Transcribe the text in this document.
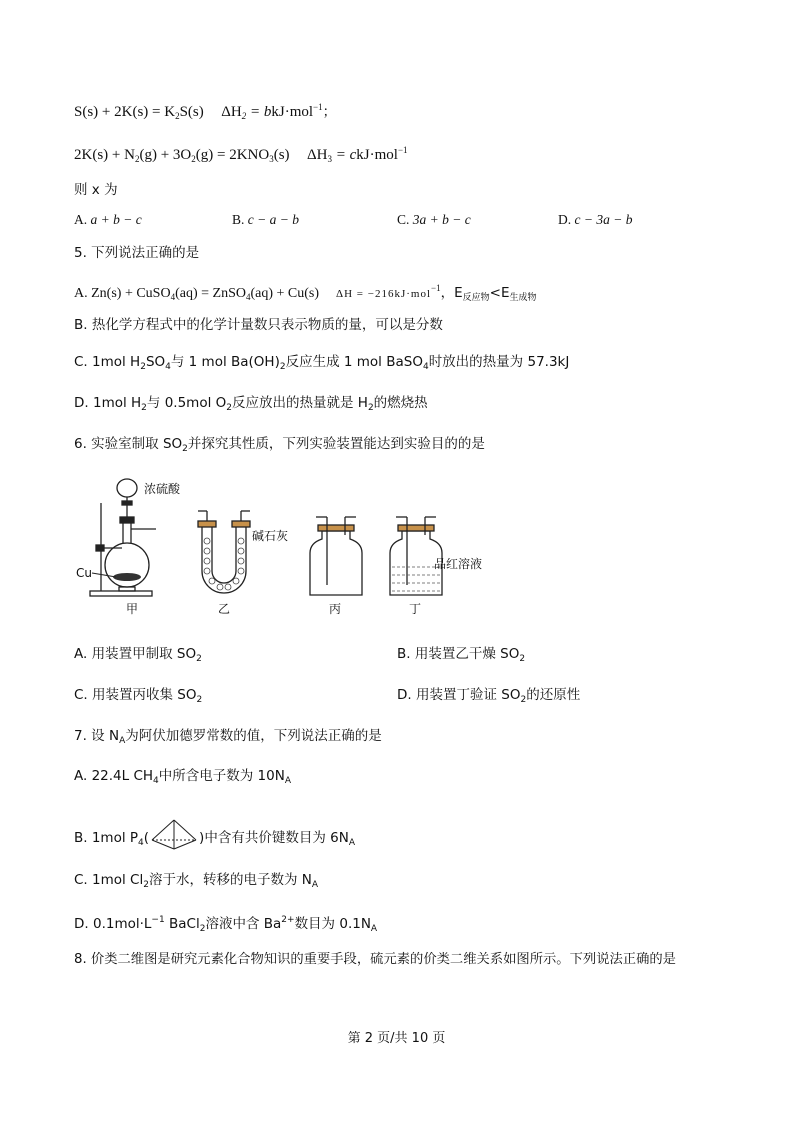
$S(s) + 2K(s) = K_2S(s) \Delta H_2 = bkJ\cdot mol^{-1}$；
$2K(s) + N_2(g) + 3O_2(g) = 2KNO_3(s) \Delta H_3 = ckJ\cdot mol^{-1}$
则 x 为
A. a + b − c	B. c − a − b	C. 3a + b − c	D. c − 3a − b
5. 下列说法正确的是
A. Zn(s) + CuSO$_4$(aq) = ZnSO$_4$(aq) + Cu(s) ΔH = −216kJ·mol$^{-1}$，$E_{反应物}<E_{生成物}$
B. 热化学方程式中的化学计量数只表示物质的量，可以是分数
C. 1mol $H_2SO_4$与 1 mol $Ba(OH)_2$反应生成 1 mol BaSO$_4$时放出的热量为 57.3kJ
D. 1mol $H_2$与 0.5mol $O_2$反应放出的热量就是 $H_2$的燃烧热
6. 实验室制取 $SO_2$并探究其性质，下列实验装置能达到实验目的的是
浓硫酸
Cu
甲
碱石灰
乙	丙
品红溶液
丁
A. 用装置甲制取 $SO_2$	B. 用装置乙干燥 $SO_2$
C. 用装置丙收集 $SO_2$	D. 用装置丁验证 $SO_2$的还原性
7. 设 $N_A$为阿伏加德罗常数的值，下列说法正确的是
A. 22.4L $CH_4$中所含电子数为 $10N_A$
B. 1mol $P_4$(	)中含有共价键数目为 $6N_A$
C. 1mol $Cl_2$溶于水，转移的电子数为 $N_A$
D. $0.1mol\cdot L^{-1}$ BaCl$_2$溶液中含 $Ba^{2+}$数目为 $0.1N_A$
8. 价类二维图是研究元素化合物知识的重要手段，硫元素的价类二维关系如图所示。下列说法正确的是
第 2 页/共 10 页
